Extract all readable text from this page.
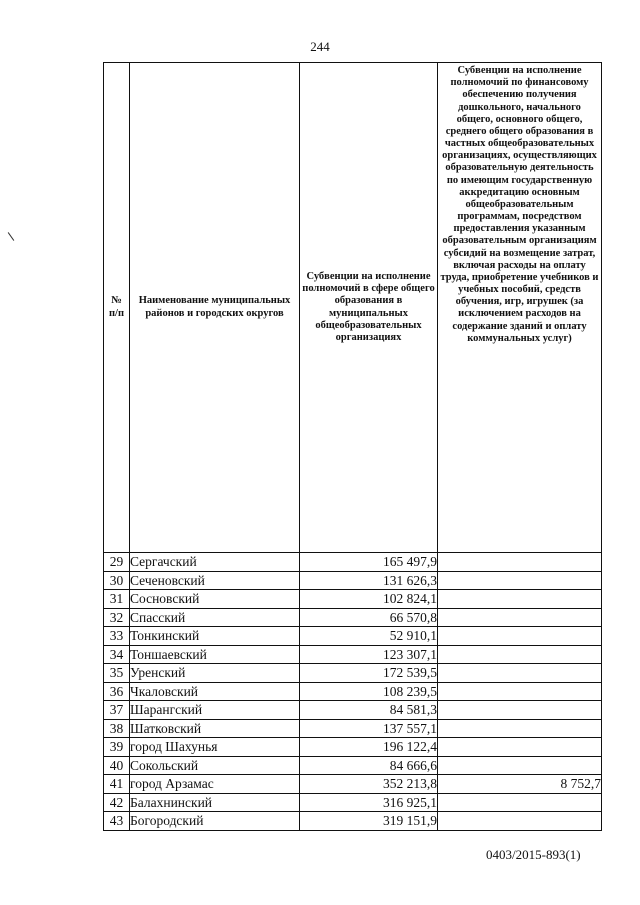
244
№ п/п	Наименование муниципальных районов и городских округов	Субвенции на исполнение полномочий в сфере общего образования в муниципальных общеобразовательных организациях	Субвенции на исполнение полномочий по финансовому обеспечению получения дошкольного, начального общего, основного общего, среднего общего образования в частных общеобразовательных организациях, осуществляющих образовательную деятельность по имеющим государственную аккредитацию основным общеобразовательным программам, посредством предоставления указанным образовательным организациям субсидий на возмещение затрат, включая расходы на оплату труда, приобретение учебников и учебных пособий, средств обучения, игр, игрушек (за исключением расходов на содержание зданий и оплату коммунальных услуг)
29	Сергачский	165 497,9	
30	Сеченовский	131 626,3	
31	Сосновский	102 824,1	
32	Спасский	66 570,8	
33	Тонкинский	52 910,1	
34	Тоншаевский	123 307,1	
35	Уренский	172 539,5	
36	Чкаловский	108 239,5	
37	Шарангский	84 581,3	
38	Шатковский	137 557,1	
39	город Шахунья	196 122,4	
40	Сокольский	84 666,6	
41	город Арзамас	352 213,8	8 752,7
42	Балахнинский	316 925,1	
43	Богородский	319 151,9	
0403/2015-893(1)
